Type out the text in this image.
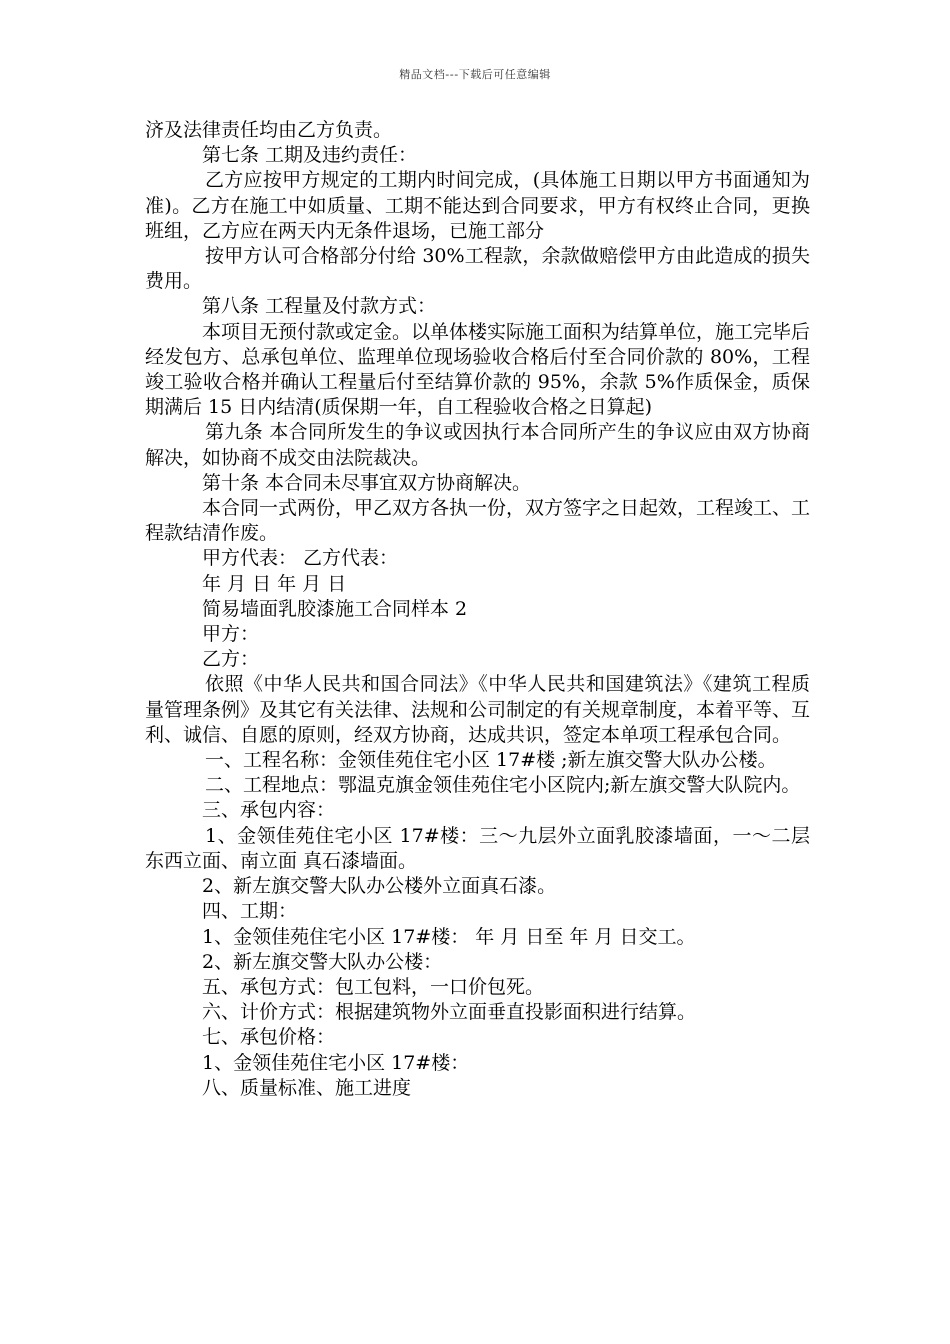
精品文档---下载后可任意编辑

济及法律责任均由乙方负责。

第七条 工期及违约责任：

乙方应按甲方规定的工期内时间完成，(具体施工日期以甲方书面通知为准)。乙方在施工中如质量、工期不能达到合同要求，甲方有权终止合同，更换班组，乙方应在两天内无条件退场，已施工部分

按甲方认可合格部分付给 30%工程款，余款做赔偿甲方由此造成的损失费用。

第八条 工程量及付款方式：

本项目无预付款或定金。以单体楼实际施工面积为结算单位，施工完毕后经发包方、总承包单位、监理单位现场验收合格后付至合同价款的 80%，工程竣工验收合格并确认工程量后付至结算价款的 95%，余款 5%作质保金，质保期满后 15 日内结清(质保期一年，自工程验收合格之日算起)

第九条 本合同所发生的争议或因执行本合同所产生的争议应由双方协商解决，如协商不成交由法院裁决。

第十条 本合同未尽事宜双方协商解决。

本合同一式两份，甲乙双方各执一份，双方签字之日起效，工程竣工、工程款结清作废。

甲方代表： 乙方代表：

年 月 日 年 月 日

简易墙面乳胶漆施工合同样本 2

甲方：

乙方：

依照《中华人民共和国合同法》《中华人民共和国建筑法》《建筑工程质量管理条例》及其它有关法律、法规和公司制定的有关规章制度，本着平等、互利、诚信、自愿的原则，经双方协商，达成共识，签定本单项工程承包合同。

一、工程名称：金领佳苑住宅小区 17#楼 ;新左旗交警大队办公楼。

二、工程地点：鄂温克旗金领佳苑住宅小区院内;新左旗交警大队院内。

三、承包内容：

1、金领佳苑住宅小区 17#楼：三～九层外立面乳胶漆墙面，一～二层东西立面、南立面 真石漆墙面。

2、新左旗交警大队办公楼外立面真石漆。

四、工期：

1、金领佳苑住宅小区 17#楼： 年 月 日至 年 月 日交工。

2、新左旗交警大队办公楼：

五、承包方式：包工包料，一口价包死。

六、计价方式：根据建筑物外立面垂直投影面积进行结算。

七、承包价格：

1、金领佳苑住宅小区 17#楼：

八、质量标准、施工进度
